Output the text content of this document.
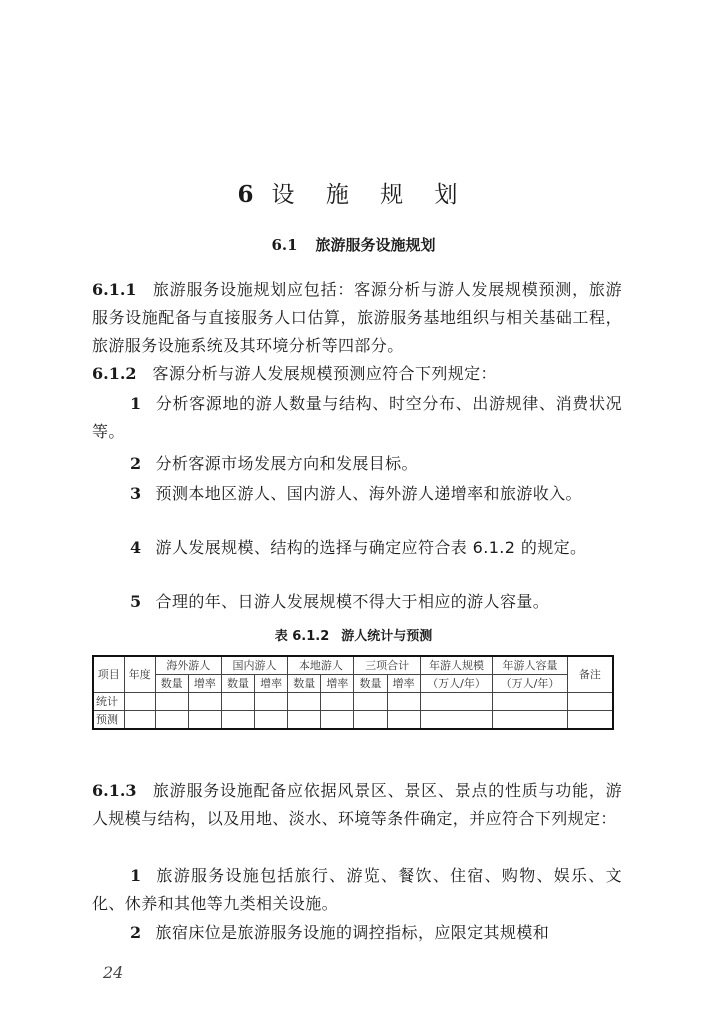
6设 施 规 划
6.1 旅游服务设施规划
6.1.1 旅游服务设施规划应包括：客源分析与游人发展规模预测，旅游服务设施配备与直接服务人口估算，旅游服务基地组织与相关基础工程，旅游服务设施系统及其环境分析等四部分。
6.1.2 客源分析与游人发展规模预测应符合下列规定：
1 分析客源地的游人数量与结构、时空分布、出游规律、消费状况等。
2 分析客源市场发展方向和发展目标。
3 预测本地区游人、国内游人、海外游人递增率和旅游收入。
4 游人发展规模、结构的选择与确定应符合表 6.1.2 的规定。
5 合理的年、日游人发展规模不得大于相应的游人容量。
表 6.1.2 游人统计与预测
项目	年度	海外游人		国内游人		本地游人		三项合计		年游人规模	年游人容量	备注
		数量	增率	数量	增率	数量	增率	数量	增率	（万人/年）	（万人/年）	
统计												
预测												
6.1.3 旅游服务设施配备应依据风景区、景区、景点的性质与功能，游人规模与结构，以及用地、淡水、环境等条件确定，并应符合下列规定：
1 旅游服务设施包括旅行、游览、餐饮、住宿、购物、娱乐、文化、休养和其他等九类相关设施。
2 旅宿床位是旅游服务设施的调控指标，应限定其规模和
24
